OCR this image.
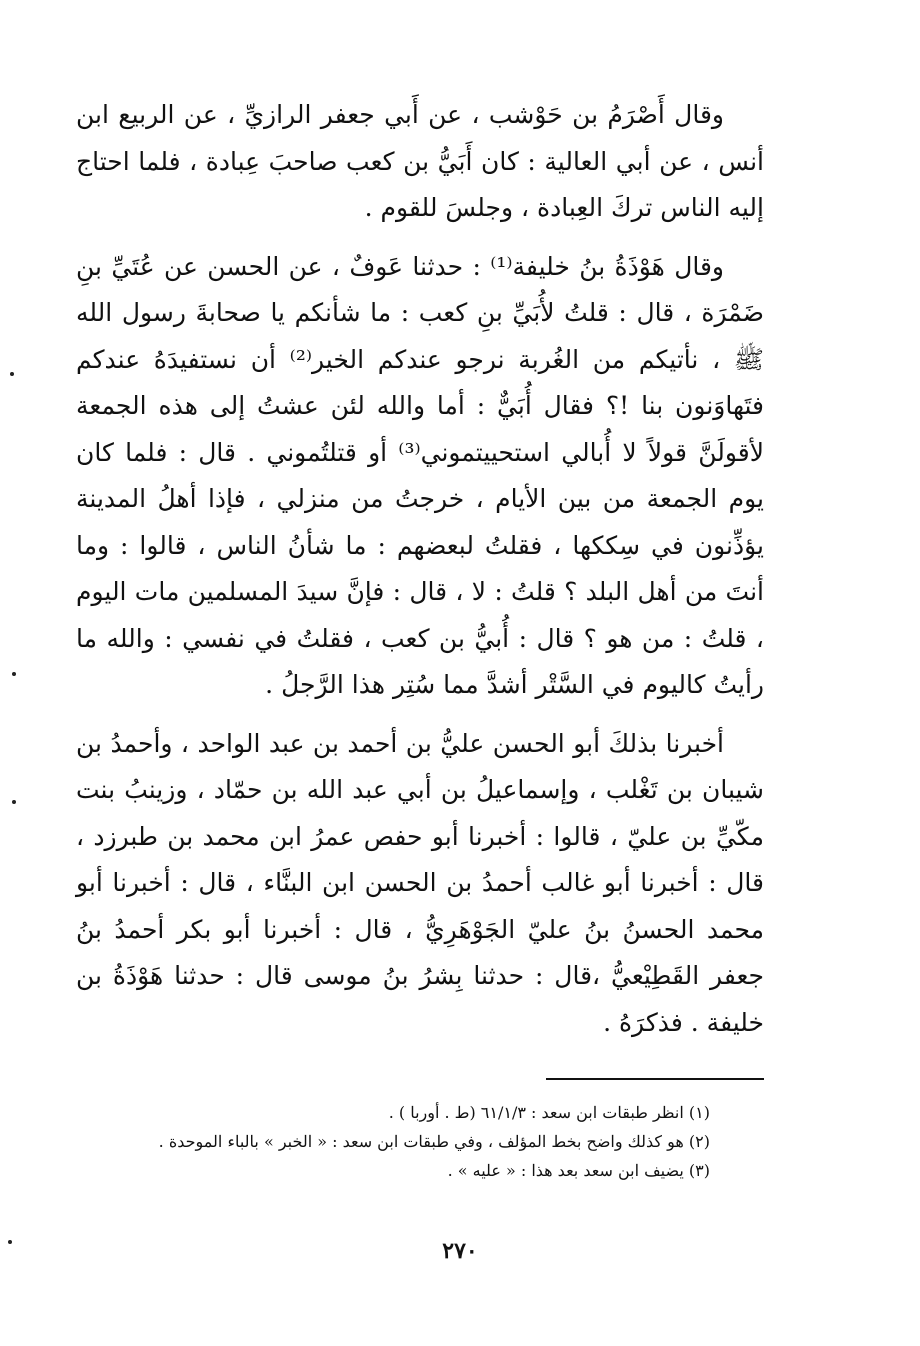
وقال أَصْرَمُ بن حَوْشب ، عن أَبي جعفر الرازيِّ ، عن الربيع ابن أنس ، عن أبي العالية : كان أَبَيُّ بن كعب صاحبَ عِبادة ، فلما احتاج إليه الناس تركَ العِبادة ، وجلسَ للقوم .

وقال هَوْذَةُ بنُ خليفة⁽¹⁾ : حدثنا عَوفٌ ، عن الحسن عن عُتَيِّ بنِ ضَمْرَة ، قال : قلتُ لأُبَيِّ بنِ كعب : ما شأنكم يا صحابةَ رسول الله ﷺ ، نأتيكم من الغُربة نرجو عندكم الخير⁽²⁾ أن نستفيدَهُ عندكم فتَهاوَنون بنا !؟ فقال أُبَيٌّ : أما والله لئن عشتُ إلى هذه الجمعة لأقولَنَّ قولاً لا أُبالي استحييتموني⁽³⁾ أو قتلتُموني . قال : فلما كان يوم الجمعة من بين الأيام ، خرجتُ من منزلي ، فإذا أهلُ المدينة يؤذِّنون في سِككها ، فقلتُ لبعضهم : ما شأنُ الناس ، قالوا : وما أنتَ من أهل البلد ؟ قلتُ : لا ، قال : فإنَّ سيدَ المسلمين مات اليوم ، قلتُ : من هو ؟ قال : أُبيُّ بن كعب ، فقلتُ في نفسي : والله ما رأيتُ كاليوم في السَّتْر أشدَّ مما سُتِر هذا الرَّجلُ .

أخبرنا بذلكَ أبو الحسن عليُّ بن أحمد بن عبد الواحد ، وأحمدُ بن شيبان بن تَغْلب ، وإسماعيلُ بن أبي عبد الله بن حمّاد ، وزينبُ بنت مكّيِّ بن عليّ ، قالوا : أخبرنا أبو حفص عمرُ ابن محمد بن طبرزد ، قال : أخبرنا أبو غالب أحمدُ بن الحسن ابن البنَّاء ، قال : أخبرنا أبو محمد الحسنُ بنُ عليّ الجَوْهَرِيُّ ، قال : أخبرنا أبو بكر أحمدُ بنُ جعفر القَطِيْعيُّ ،قال : حدثنا بِشرُ بنُ موسى قال : حدثنا هَوْذَةُ بن خليفة . فذكرَهُ .

(١) انظر طبقات ابن سعد : ٦١/١/٣ (ط . أوربا ) .

(٢) هو كذلك واضح بخط المؤلف ، وفي طبقات ابن سعد : « الخبر » بالباء الموحدة .

(٣) يضيف ابن سعد بعد هذا : « عليه » .

٢٧٠
